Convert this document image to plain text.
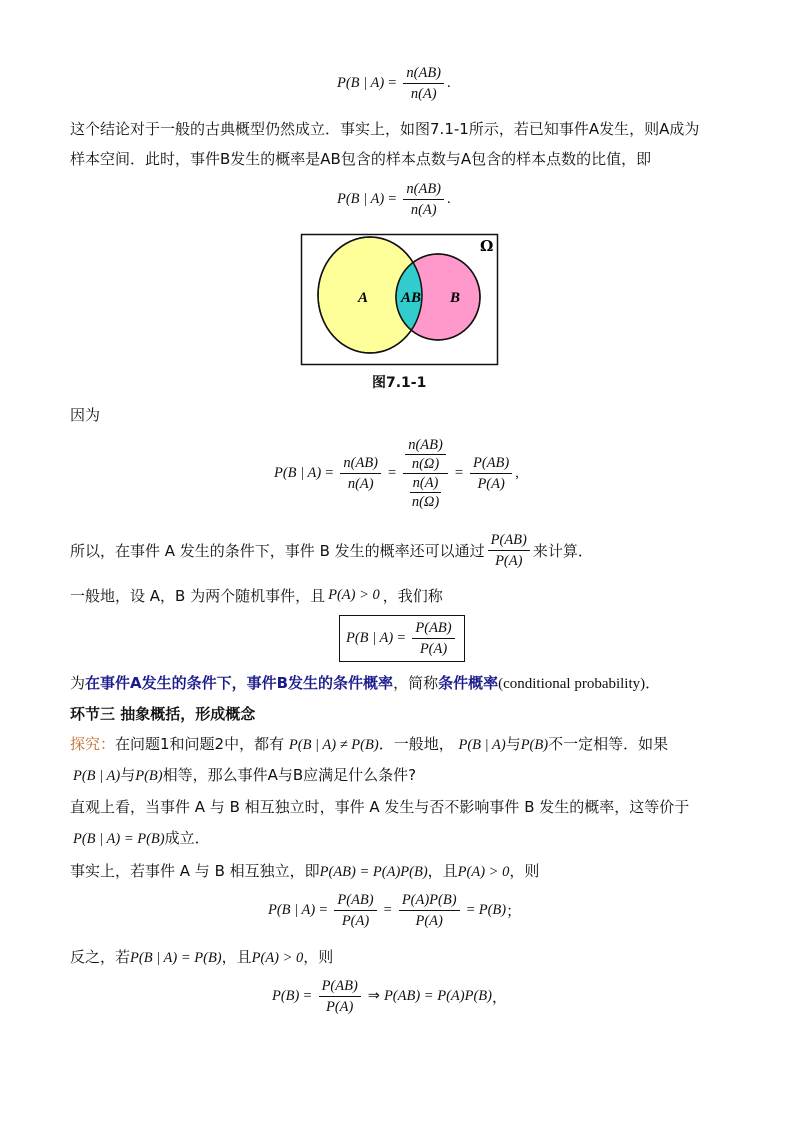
P(B | $A) = \frac{n(AB)}{n(A)}$ .
这个结论对于一般的古典概型仍然成立．事实上，如图7.1-1所示，若已知事件A发生，则A成为
样本空间．此时，事件B发生的概率是AB包含的样本点数与A包含的样本点数的比值，即
P(B | $A) = \frac{n(AB)}{n(A)}$ .
Ω
A AB B
图7.1-1
因为
P(B | $A) = \frac{n(AB)}{n(A)} = \frac{\frac{n(AB)}{n(\Omega)}}{\frac{n(A)}{n(\Omega)}} = \frac{P(AB)}{P(A)}$ ,
所以，在事件 A 发生的条件下，事件 B 发生的概率还可以通过 $\frac{P(AB)}{P(A)}$ 来计算．
一般地，设 A，B 为两个随机事件，且 P(A) > 0 ，我们称
P(B | $A) = \frac{P(AB)}{P(A)}$
为在事件A发生的条件下，事件B发生的条件概率，简称条件概率(conditional probability)．
环节三 抽象概括，形成概念
探究：在问题1和问题2中，都有 P(B | A) ≠ P(B)．一般地， P(B | A)与P(B)不一定相等．如果
P(B | A)与P(B)相等，那么事件A与B应满足什么条件?
直观上看，当事件 A 与 B 相互独立时，事件 A 发生与否不影响事件 B 发生的概率，这等价于
P(B | A) = P(B)成立．
事实上，若事件 A 与 B 相互独立，即P(AB) = P(A)P(B)，且P(A) > 0，则
P(B | $A) = \frac{P(AB)}{P(A)} = \frac{P(A)P(B)}{P(A)} = P(B)$ ；
反之，若P(B | A) = P(B)，且P(A) > 0，则
$P(B) = \frac{P(AB)}{P(A)}$ ⇒ P(AB) = P(A)P(B) ，
